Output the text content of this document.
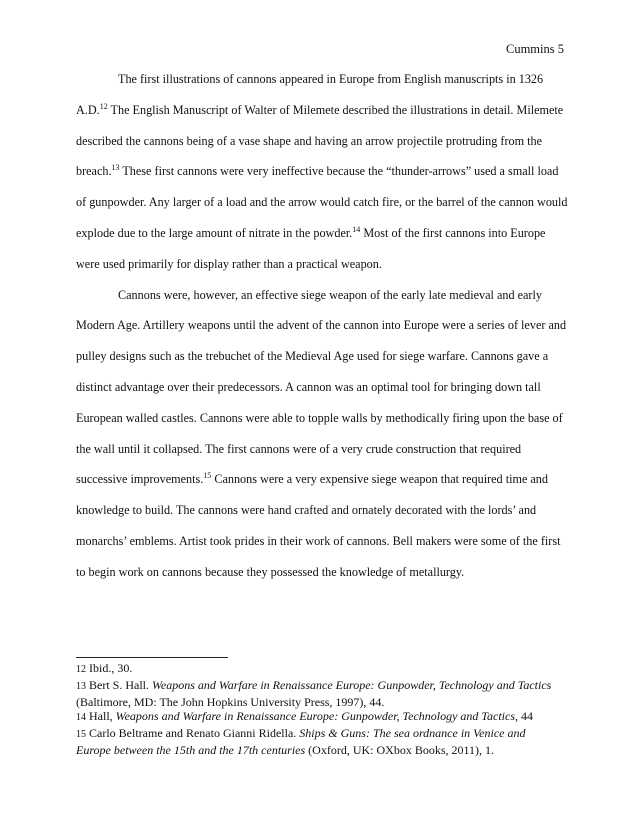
Cummins 5

The first illustrations of cannons appeared in Europe from English manuscripts in 1326 A.D.$^{12}$ The English Manuscript of Walter of Milemete described the illustrations in detail. Milemete described the cannons being of a vase shape and having an arrow projectile protruding from the breach.$^{13}$ These first cannons were very ineffective because the “thunder-arrows” used a small load of gunpowder. Any larger of a load and the arrow would catch fire, or the barrel of the cannon would explode due to the large amount of nitrate in the powder.$^{14}$ Most of the first cannons into Europe were used primarily for display rather than a practical weapon.

Cannons were, however, an effective siege weapon of the early late medieval and early Modern Age. Artillery weapons until the advent of the cannon into Europe were a series of lever and pulley designs such as the trebuchet of the Medieval Age used for siege warfare. Cannons gave a distinct advantage over their predecessors. A cannon was an optimal tool for bringing down tall European walled castles. Cannons were able to topple walls by methodically firing upon the base of the wall until it collapsed. The first cannons were of a very crude construction that required successive improvements.$^{15}$ Cannons were a very expensive siege weapon that required time and knowledge to build. The cannons were hand crafted and ornately decorated with the lords’ and monarchs’ emblems. Artist took prides in their work of cannons. Bell makers were some of the first to begin work on cannons because they possessed the knowledge of metallurgy.

12 Ibid., 30.

13 Bert S. Hall. Weapons and Warfare in Renaissance Europe: Gunpowder, Technology and Tactics (Baltimore, MD: The John Hopkins University Press, 1997), 44.

14 Hall, Weapons and Warfare in Renaissance Europe: Gunpowder, Technology and Tactics, 44

15 Carlo Beltrame and Renato Gianni Ridella. Ships & Guns: The sea ordnance in Venice and Europe between the 15th and the 17th centuries (Oxford, UK: OXbox Books, 2011), 1.
